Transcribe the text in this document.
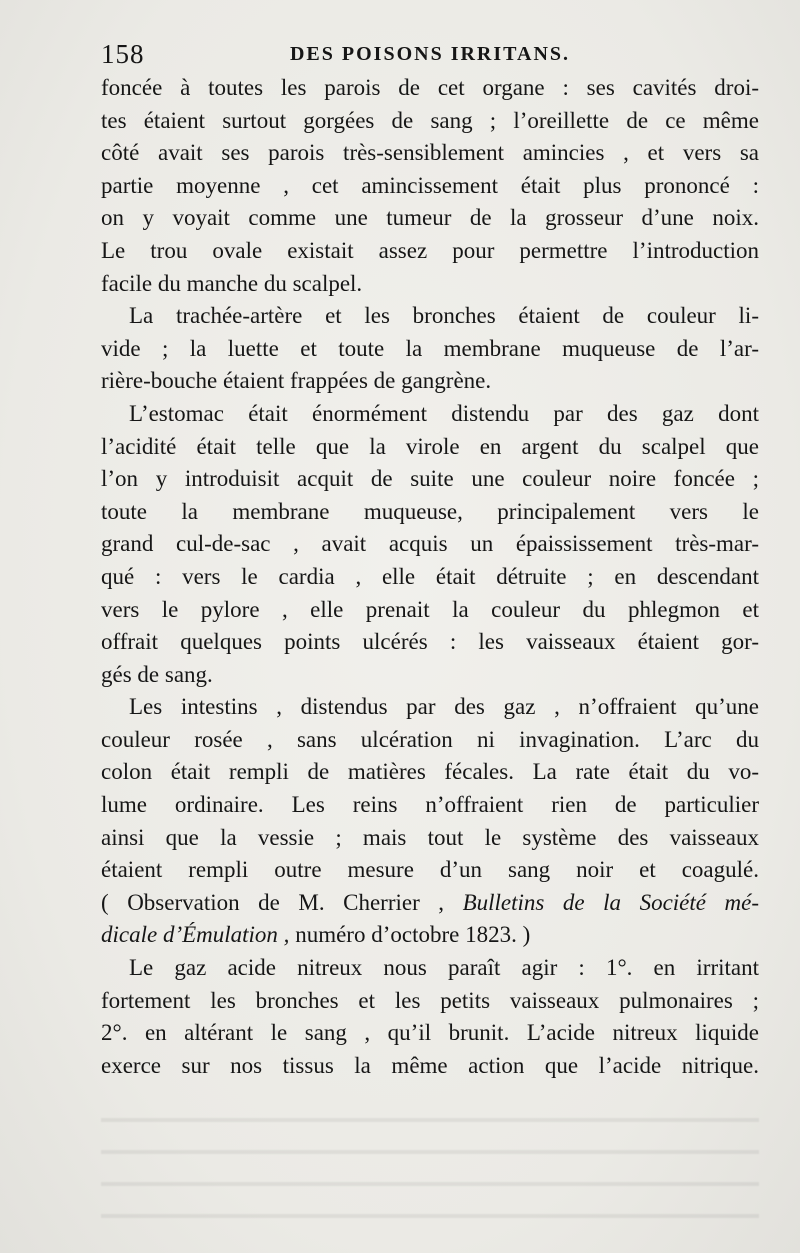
158	DES POISONS IRRITANS.
foncée à toutes les parois de cet organe : ses cavités droi-
tes étaient surtout gorgées de sang ; l’oreillette de ce même
côté avait ses parois très-sensiblement amincies , et vers sa
partie moyenne , cet amincissement était plus prononcé :
on y voyait comme une tumeur de la grosseur d’une noix.
Le trou ovale existait assez pour permettre l’introduction
facile du manche du scalpel.
La trachée-artère et les bronches étaient de couleur li-
vide ; la luette et toute la membrane muqueuse de l’ar-
rière-bouche étaient frappées de gangrène.
L’estomac était énormément distendu par des gaz dont
l’acidité était telle que la virole en argent du scalpel que
l’on y introduisit acquit de suite une couleur noire foncée ;
toute la membrane muqueuse, principalement vers le
grand cul-de-sac , avait acquis un épaississement très-mar-
qué : vers le cardia , elle était détruite ; en descendant
vers le pylore , elle prenait la couleur du phlegmon et
offrait quelques points ulcérés : les vaisseaux étaient gor-
gés de sang.
Les intestins , distendus par des gaz , n’offraient qu’une
couleur rosée , sans ulcération ni invagination. L’arc du
colon était rempli de matières fécales. La rate était du vo-
lume ordinaire. Les reins n’offraient rien de particulier
ainsi que la vessie ; mais tout le système des vaisseaux
étaient rempli outre mesure d’un sang noir et coagulé.
( Observation de M. Cherrier , Bulletins de la Société mé-
dicale d’Émulation , numéro d’octobre 1823. )
Le gaz acide nitreux nous paraît agir : 1°. en irritant
fortement les bronches et les petits vaisseaux pulmonaires ;
2°. en altérant le sang , qu’il brunit. L’acide nitreux liquide
exerce sur nos tissus la même action que l’acide nitrique.
